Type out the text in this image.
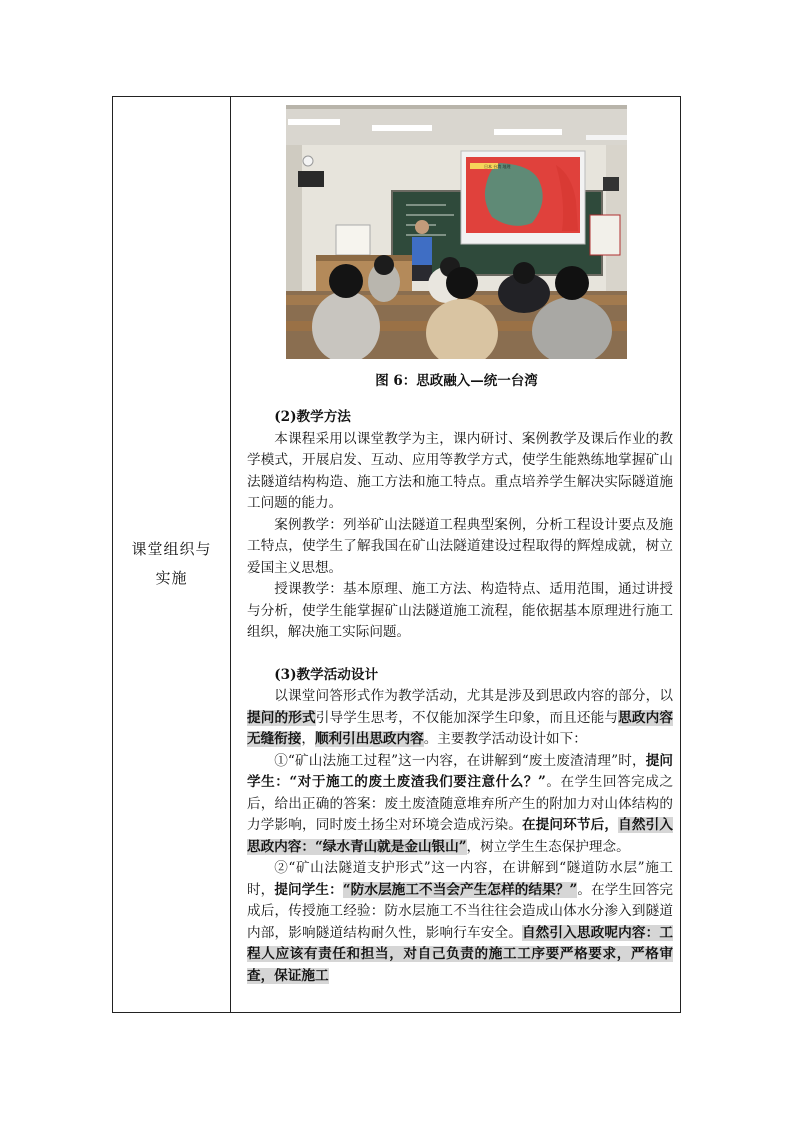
课堂组织与
实施
日本 台湾 地理
图 6：思政融入—统一台湾
(2)教学方法

本课程采用以课堂教学为主，课内研讨、案例教学及课后作业的教学模式，开展启发、互动、应用等教学方式，使学生能熟练地掌握矿山法隧道结构构造、施工方法和施工特点。重点培养学生解决实际隧道施工问题的能力。

案例教学：列举矿山法隧道工程典型案例，分析工程设计要点及施工特点，使学生了解我国在矿山法隧道建设过程取得的辉煌成就，树立爱国主义思想。

授课教学：基本原理、施工方法、构造特点、适用范围，通过讲授与分析，使学生能掌握矿山法隧道施工流程，能依据基本原理进行施工组织，解决施工实际问题。

(3)教学活动设计

以课堂问答形式作为教学活动，尤其是涉及到思政内容的部分，以提问的形式引导学生思考，不仅能加深学生印象，而且还能与思政内容无缝衔接，顺利引出思政内容。主要教学活动设计如下：

①“矿山法施工过程”这一内容，在讲解到“废土废渣清理”时，提问学生：“对于施工的废土废渣我们要注意什么？”。在学生回答完成之后，给出正确的答案：废土废渣随意堆弃所产生的附加力对山体结构的力学影响，同时废土扬尘对环境会造成污染。在提问环节后，自然引入思政内容：“绿水青山就是金山银山”，树立学生生态保护理念。

②“矿山法隧道支护形式”这一内容，在讲解到“隧道防水层”施工时，提问学生：“防水层施工不当会产生怎样的结果？”。在学生回答完成后，传授施工经验：防水层施工不当往往会造成山体水分渗入到隧道内部，影响隧道结构耐久性，影响行车安全。自然引入思政呢内容：工程人应该有责任和担当，对自己负责的施工工序要严格要求，严格审查，保证施工
